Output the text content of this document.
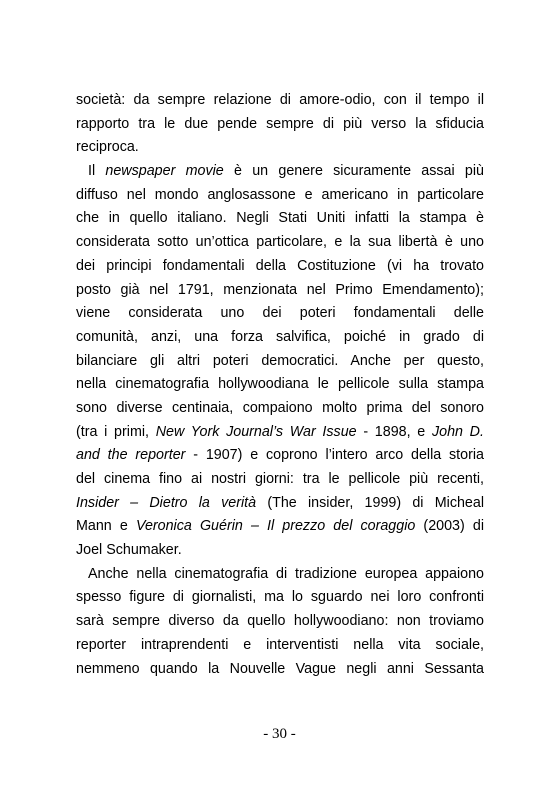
società: da sempre relazione di amore-odio, con il tempo il
rapporto tra le due pende sempre di più verso la sfiducia
reciproca.
Il newspaper movie è un genere sicuramente assai più
diffuso nel mondo anglosassone e americano in particolare
che in quello italiano. Negli Stati Uniti infatti la stampa è
considerata sotto un’ottica particolare, e la sua libertà è uno
dei principi fondamentali della Costituzione (vi ha trovato
posto già nel 1791, menzionata nel Primo Emendamento);
viene considerata uno dei poteri fondamentali delle
comunità, anzi, una forza salvifica, poiché in grado di
bilanciare gli altri poteri democratici. Anche per questo,
nella cinematografia hollywoodiana le pellicole sulla stampa
sono diverse centinaia, compaiono molto prima del sonoro
(tra i primi, New York Journal’s War Issue - 1898, e John D.
and the reporter - 1907) e coprono l’intero arco della storia
del cinema fino ai nostri giorni: tra le pellicole più recenti,
Insider – Dietro la verità (The insider, 1999) di Micheal
Mann e Veronica Guérin – Il prezzo del coraggio (2003) di
Joel Schumaker.
Anche nella cinematografia di tradizione europea appaiono
spesso figure di giornalisti, ma lo sguardo nei loro confronti
sarà sempre diverso da quello hollywoodiano: non troviamo
reporter intraprendenti e interventisti nella vita sociale,
nemmeno quando la Nouvelle Vague negli anni Sessanta
- 30 -
